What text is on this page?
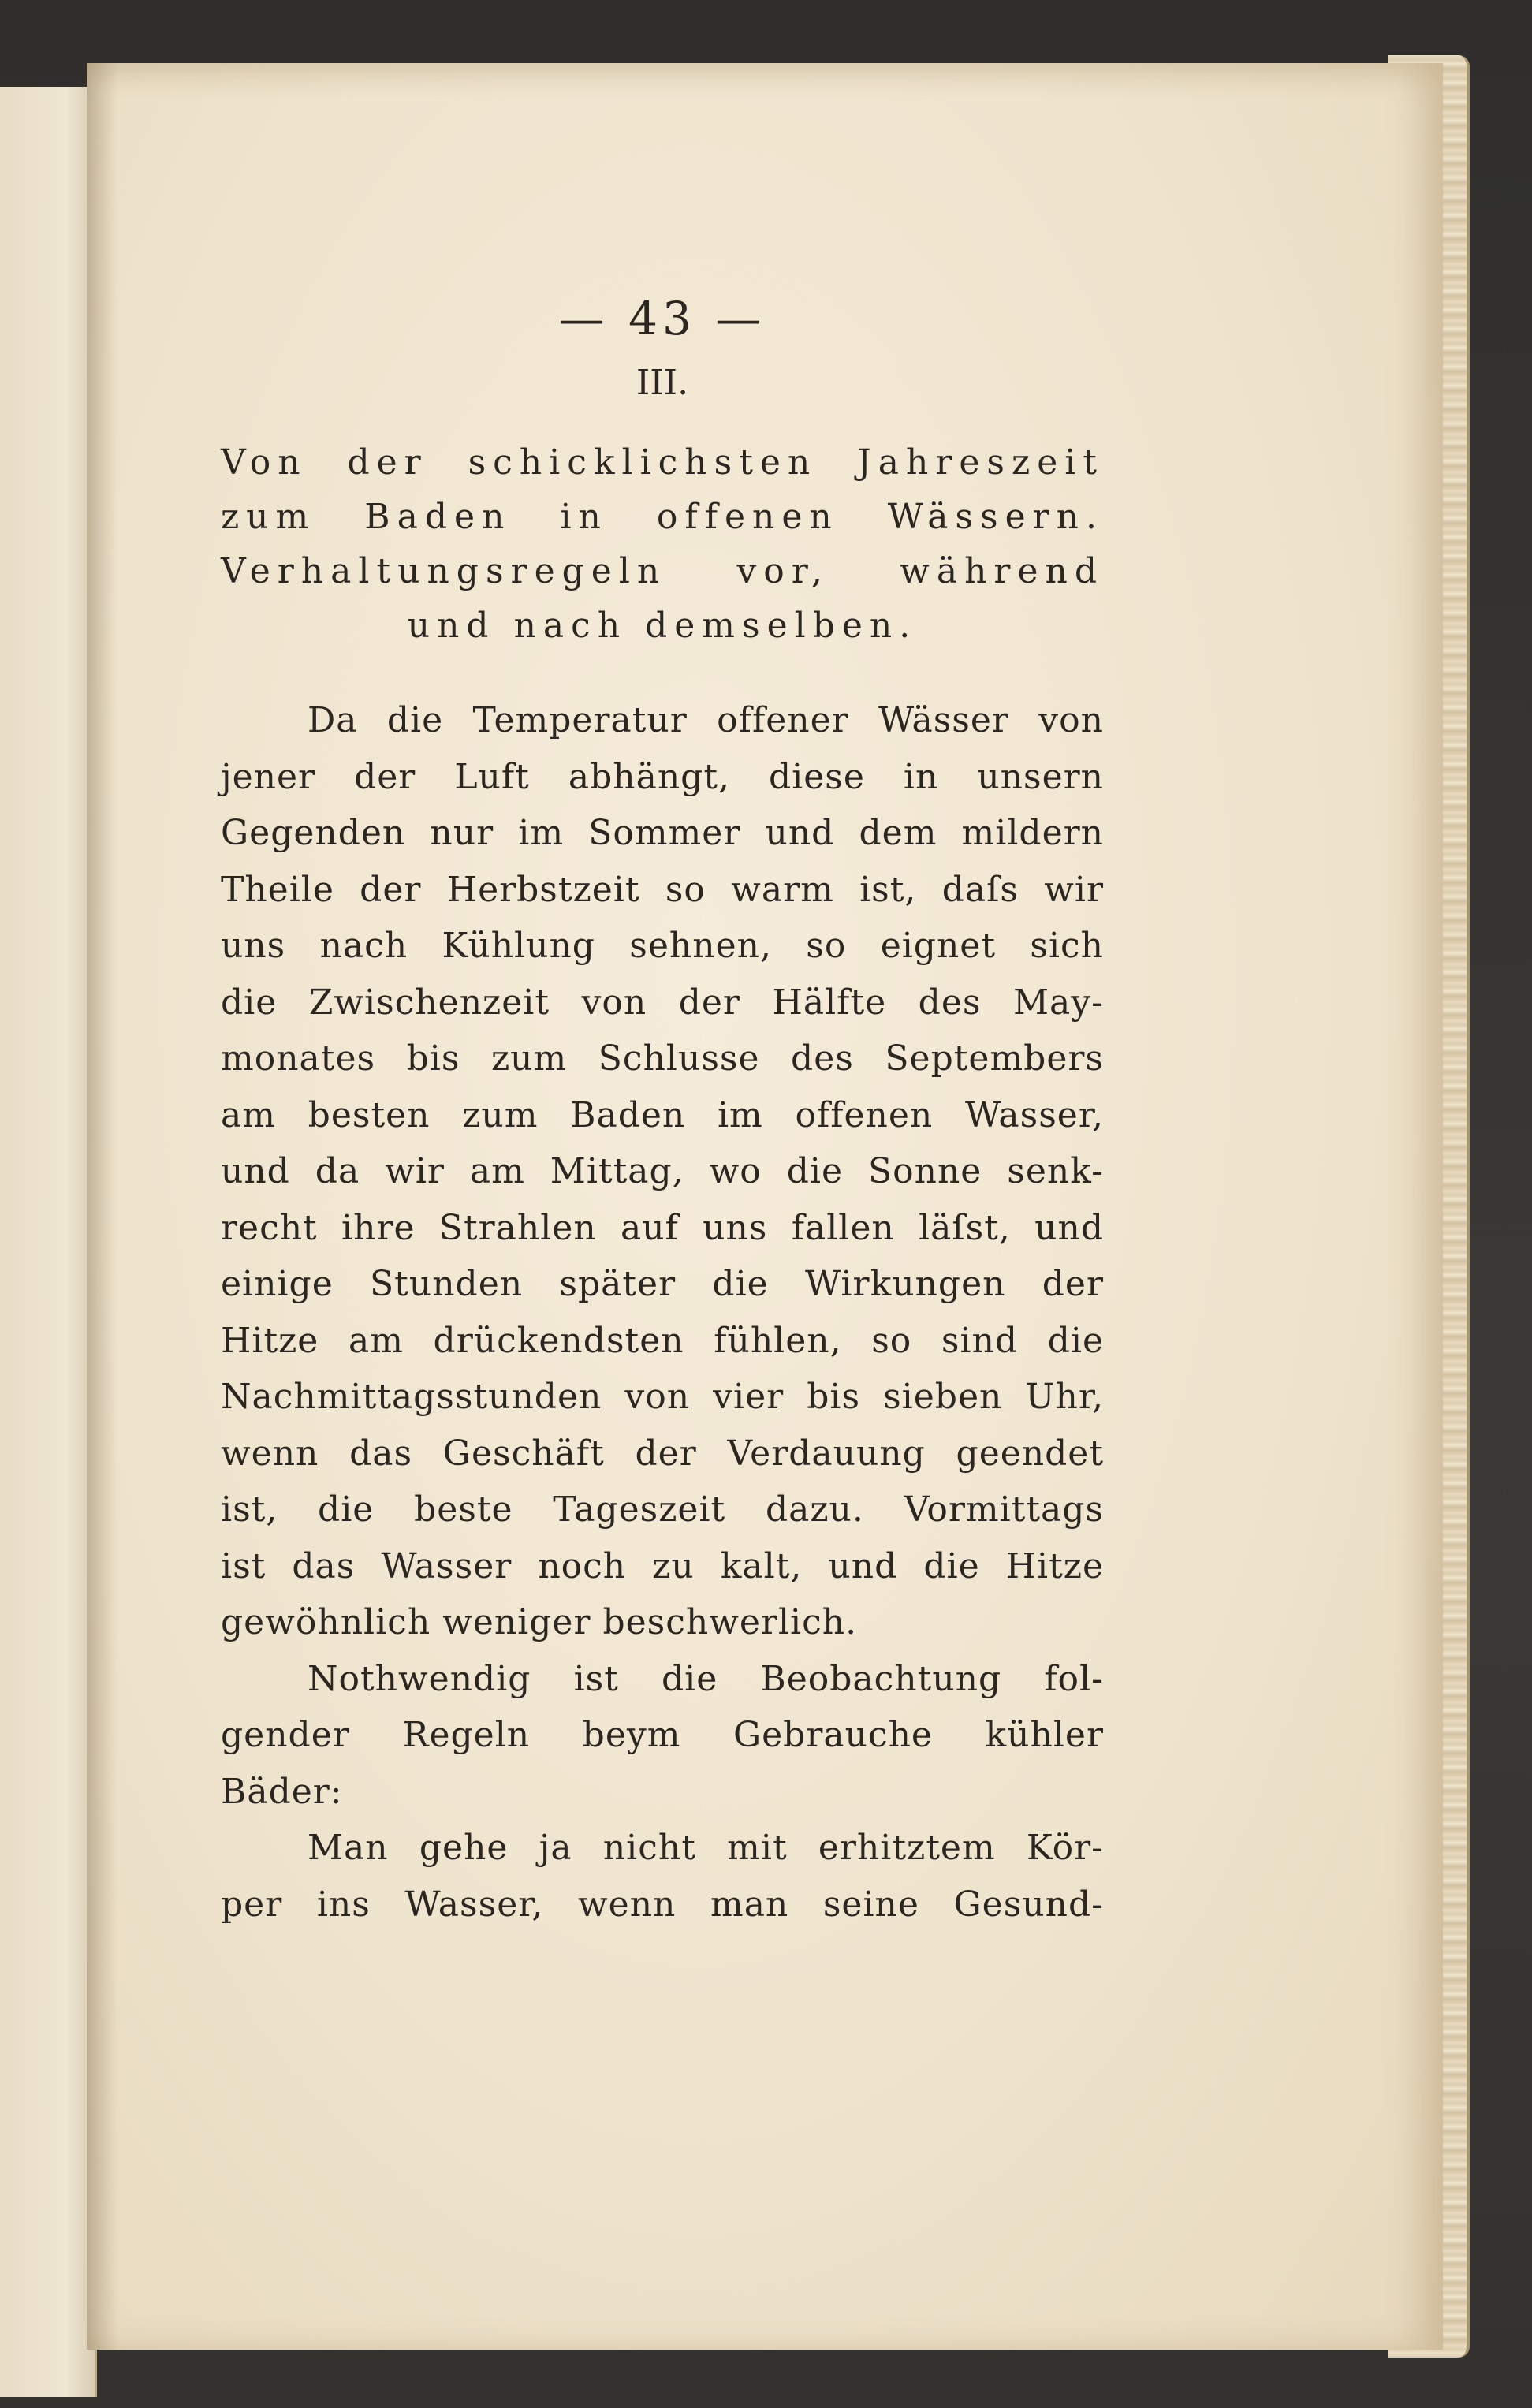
— 43 —
III.
Von der schicklichsten Jahreszeit
zum Baden in offenen Wässern.
Verhaltungsregeln vor, während
und nach demselben.
Da die Temperatur offener Wässer von
jener der Luft abhängt, diese in unsern
Gegenden nur im Sommer und dem mildern
Theile der Herbstzeit so warm ist, daſs wir
uns nach Kühlung sehnen, so eignet sich
die Zwischenzeit von der Hälfte des May-
monates bis zum Schlusse des Septembers
am besten zum Baden im offenen Wasser,
und da wir am Mittag, wo die Sonne senk-
recht ihre Strahlen auf uns fallen läſst, und
einige Stunden später die Wirkungen der
Hitze am drückendsten fühlen, so sind die
Nachmittagsstunden von vier bis sieben Uhr,
wenn das Geschäft der Verdauung geendet
ist, die beste Tageszeit dazu. Vormittags
ist das Wasser noch zu kalt, und die Hitze
gewöhnlich weniger beschwerlich.
Nothwendig ist die Beobachtung fol-
gender Regeln beym Gebrauche kühler
Bäder:
Man gehe ja nicht mit erhitztem Kör-
per ins Wasser, wenn man seine Gesund-
